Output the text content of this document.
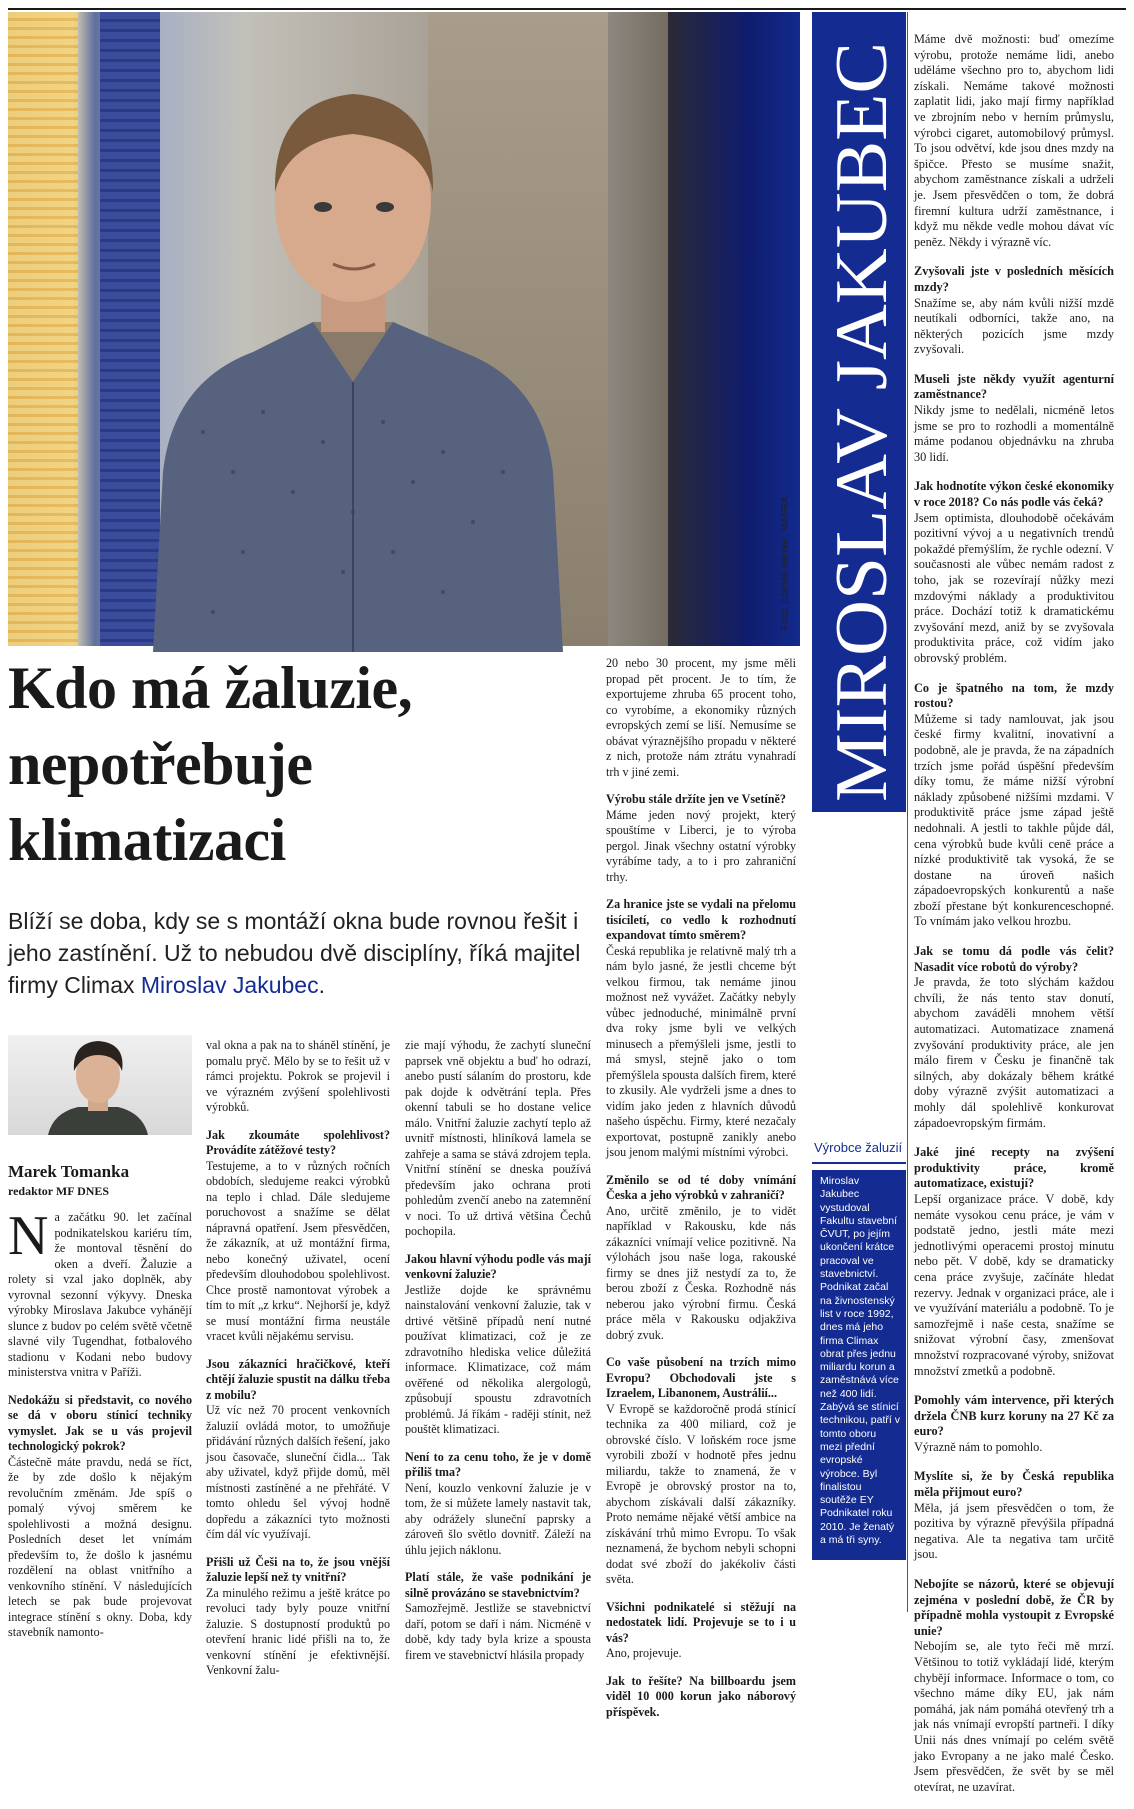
Foto: Zdeněk Němec, MAFRA MIROSLAV JAKUBEC

Máme dvě možnosti: buď omezíme výrobu, protože nemáme lidi, anebo uděláme všechno pro to, abychom lidi získali. Nemáme takové možnosti zaplatit lidi, jako mají firmy například ve zbrojním nebo v herním průmyslu, výrobci cigaret, automobilový průmysl. To jsou odvětví, kde jsou dnes mzdy na špičce. Přesto se musíme snažit, abychom zaměstnance získali a udrželi je. Jsem přesvědčen o tom, že dobrá firemní kultura udrží zaměstnance, i když mu někde vedle mohou dávat víc peněz. Někdy i výrazně víc.

Zvyšovali jste v posledních měsících mzdy?

Snažíme se, aby nám kvůli nižší mzdě neutíkali odborníci, takže ano, na některých pozicích jsme mzdy zvyšovali.

Museli jste někdy využít agenturní zaměstnance?

Nikdy jsme to nedělali, nicméně letos jsme se pro to rozhodli a momentálně máme podanou objednávku na zhruba 30 lidí.

Jak hodnotíte výkon české ekonomiky v roce 2018? Co nás podle vás čeká?

Jsem optimista, dlouhodobě očekávám pozitivní vývoj a u negativních trendů pokaždé přemýšlím, že rychle odezní. V současnosti ale vůbec nemám radost z toho, jak se rozevírají nůžky mezi mzdovými náklady a produktivitou práce. Dochází totiž k dramatickému zvyšování mezd, aniž by se zvyšovala produktivita práce, což vidím jako obrovský problém.

Co je špatného na tom, že mzdy rostou?

Můžeme si tady namlouvat, jak jsou české firmy kvalitní, inovativní a podobně, ale je pravda, že na západních trzích jsme pořád úspěšní především díky tomu, že máme nižší výrobní náklady způsobené nižšími mzdami. V produktivitě práce jsme západ ještě nedohnali. A jestli to takhle půjde dál, cena výrobků bude kvůli ceně práce a nízké produktivitě tak vysoká, že se dostane na úroveň našich západoevropských konkurentů a naše zboží přestane být konkurenceschopné. To vnímám jako velkou hrozbu.

Jak se tomu dá podle vás čelit? Nasadit více robotů do výroby?

Je pravda, že toto slýchám každou chvíli, že nás tento stav donutí, abychom zaváděli mnohem větší automatizaci. Automatizace znamená zvyšování produktivity práce, ale jen málo firem v Česku je finančně tak silných, aby dokázaly během krátké doby výrazně zvýšit automatizaci a mohly dál spolehlivě konkurovat západoevropským firmám.

Jaké jiné recepty na zvýšení produktivity práce, kromě automatizace, existují?

Lepší organizace práce. V době, kdy nemáte vysokou cenu práce, je vám v podstatě jedno, jestli máte mezi jednotlivými operacemi prostoj minutu nebo pět. V době, kdy se dramaticky cena práce zvyšuje, začínáte hledat rezervy. Jednak v organizaci práce, ale i ve využívání materiálu a podobně. To je samozřejmě i naše cesta, snažíme se snižovat výrobní časy, zmenšovat množství rozpracované výroby, snižovat množství zmetků a podobně.

Pomohly vám intervence, při kterých držela ČNB kurz koruny na 27 Kč za euro?

Výrazně nám to pomohlo.

Myslíte si, že by Česká republika měla přijmout euro?

Měla, já jsem přesvědčen o tom, že pozitiva by výrazně převýšila případná negativa. Ale ta negativa tam určitě jsou.

Nebojíte se názorů, které se objevují zejména v poslední době, že ČR by případně mohla vystoupit z Evropské unie?

Nebojím se, ale tyto řeči mě mrzí. Většinou to totiž vykládají lidé, kterým chybějí informace. Informace o tom, co všechno máme díky EU, jak nám pomáhá, jak nám pomáhá otevřený trh a jak nás vnímají evropští partneři. I díky Unii nás dnes vnímají po celém světě jako Evropany a ne jako malé Česko. Jsem přesvědčen, že svět by se měl otevírat, ne uzavírat.

Výrobce žaluzií
Miroslav Jakubec vystudoval Fakultu stavební ČVUT, po jejím ukončení krátce pracoval ve stavebnictví. Podnikat začal na živnostenský list v roce 1992, dnes má jeho firma Climax obrat přes jednu miliardu korun a zaměstnává více než 400 lidí. Zabývá se stínicí technikou, patří v tomto oboru mezi přední evropské výrobce. Byl finalistou soutěže EY Podnikatel roku 2010. Je ženatý a má tři syny.
Kdo má žaluzie,
nepotřebuje
klimatizaci
Blíží se doba, kdy se s montáží okna bude rovnou řešit i jeho zastínění. Už to nebudou dvě disciplíny, říká majitel firmy Climax Miroslav Jakubec.
Marek Tomanka
redaktor MF DNES

Na začátku 90. let začínal podnikatelskou kariéru tím, že montoval těsnění do oken a dveří. Žaluzie a rolety si vzal jako doplněk, aby vyrovnal sezonní výkyvy. Dneska výrobky Miroslava Jakubce vyhánějí slunce z budov po celém světě včetně slavné vily Tugendhat, fotbalového stadionu v Kodani nebo budovy ministerstva vnitra v Paříži.

Nedokážu si představit, co nového se dá v oboru stínicí techniky vymyslet. Jak se u vás projevil technologický pokrok?

Částečně máte pravdu, nedá se říct, že by zde došlo k nějakým revolučním změnám. Jde spíš o pomalý vývoj směrem ke spolehlivosti a možná designu. Posledních deset let vnímám především to, že došlo k jasnému rozdělení na oblast vnitřního a venkovního stínění. V následujících letech se pak bude projevovat integrace stínění s okny. Doba, kdy stavebník namonto-

val okna a pak na to sháněl stínění, je pomalu pryč. Mělo by se to řešit už v rámci projektu. Pokrok se projevil i ve výrazném zvýšení spolehlivosti výrobků.

Jak zkoumáte spolehlivost? Provádíte zátěžové testy?

Testujeme, a to v různých ročních obdobích, sledujeme reakci výrobků na teplo i chlad. Dále sledujeme poruchovost a snažíme se dělat nápravná opatření. Jsem přesvědčen, že zákazník, at už montážní firma, nebo konečný uživatel, ocení především dlouhodobou spolehlivost. Chce prostě namontovat výrobek a tím to mít „z krku“. Nejhorší je, když se musí montážní firma neustále vracet kvůli nějakému servisu.

Jsou zákazníci hračičkové, kteří chtějí žaluzie spustit na dálku třeba z mobilu?

Už víc než 70 procent venkovních žaluzií ovládá motor, to umožňuje přidávání různých dalších řešení, jako jsou časovače, sluneční čidla... Tak aby uživatel, když přijde domů, měl místnosti zastíněné a ne přehřáté. V tomto ohledu šel vývoj hodně dopředu a zákazníci tyto možnosti čím dál víc využívají.

Přišli už Češi na to, že jsou vnější žaluzie lepší než ty vnitřní?

Za minulého režimu a ještě krátce po revoluci tady byly pouze vnitřní žaluzie. S dostupností produktů po otevření hranic lidé přišli na to, že venkovní stínění je efektivnější. Venkovní žalu-

zie mají výhodu, že zachytí sluneční paprsek vně objektu a buď ho odrazí, anebo pustí sálaním do prostoru, kde pak dojde k odvětrání tepla. Přes okenní tabuli se ho dostane velice málo. Vnitřní žaluzie zachytí teplo až uvnitř místnosti, hliníková lamela se zahřeje a sama se stává zdrojem tepla. Vnitřní stínění se dneska používá především jako ochrana proti pohledům zvenčí anebo na zatemnění v noci. To už drtivá většina Čechů pochopila.

Jakou hlavní výhodu podle vás mají venkovní žaluzie?

Jestliže dojde ke správnému nainstalování venkovní žaluzie, tak v drtivé většině případů není nutné používat klimatizaci, což je ze zdravotního hlediska velice důležitá informace. Klimatizace, což mám ověřené od několika alergologů, způsobují spoustu zdravotních problémů. Já říkám - raději stínit, než pouštět klimatizaci.

Není to za cenu toho, že je v domě příliš tma?

Není, kouzlo venkovní žaluzie je v tom, že si můžete lamely nastavit tak, aby odrážely sluneční paprsky a zároveň šlo světlo dovnitř. Záleží na úhlu jejich náklonu.

Platí stále, že vaše podnikání je silně provázáno se stavebnictvím?

Samozřejmě. Jestliže se stavebnictví daří, potom se daří i nám. Nicméně v době, kdy tady byla krize a spousta firem ve stavebnictví hlásila propady

20 nebo 30 procent, my jsme měli propad pět procent. Je to tím, že exportujeme zhruba 65 procent toho, co vyrobíme, a ekonomiky různých evropských zemí se liší. Nemusíme se obávat výraznějšího propadu v některé z nich, protože nám ztrátu vynahradí trh v jiné zemi.

Výrobu stále držíte jen ve Vsetíně?

Máme jeden nový projekt, který spouštíme v Liberci, je to výroba pergol. Jinak všechny ostatní výrobky vyrábíme tady, a to i pro zahraniční trhy.

Za hranice jste se vydali na přelomu tisíciletí, co vedlo k rozhodnutí expandovat tímto směrem?

Česká republika je relativně malý trh a nám bylo jasné, že jestli chceme být velkou firmou, tak nemáme jinou možnost než vyvážet. Začátky nebyly vůbec jednoduché, minimálně první dva roky jsme byli ve velkých minusech a přemýšleli jsme, jestli to má smysl, stejně jako o tom přemýšlela spousta dalších firem, které to zkusily. Ale vydrželi jsme a dnes to vidím jako jeden z hlavních důvodů našeho úspěchu. Firmy, které nezačaly exportovat, postupně zanikly anebo jsou jenom malými místními výrobci.

Změnilo se od té doby vnímání Česka a jeho výrobků v zahraničí?

Ano, určitě změnilo, je to vidět například v Rakousku, kde nás zákazníci vnímají velice pozitivně. Na výlohách jsou naše loga, rakouské firmy se dnes již nestydí za to, že berou zboží z Česka. Rozhodně nás neberou jako výrobní firmu. Česká práce měla v Rakousku odjakživa dobrý zvuk.

Co vaše působení na trzích mimo Evropu? Obchodovali jste s Izraelem, Libanonem, Austrálií...

V Evropě se každoročně prodá stínicí technika za 400 miliard, což je obrovské číslo. V loňském roce jsme vyrobili zboží v hodnotě přes jednu miliardu, takže to znamená, že v Evropě je obrovský prostor na to, abychom získávali další zákazníky. Proto nemáme nějaké větší ambice na získávání trhů mimo Evropu. To však neznamená, že bychom nebyli schopni dodat své zboží do jakékoliv části světa.

Všichni podnikatelé si stěžují na nedostatek lidí. Projevuje se to i u vás?

Ano, projevuje.

Jak to řešíte? Na billboardu jsem viděl 10 000 korun jako náborový příspěvek.
